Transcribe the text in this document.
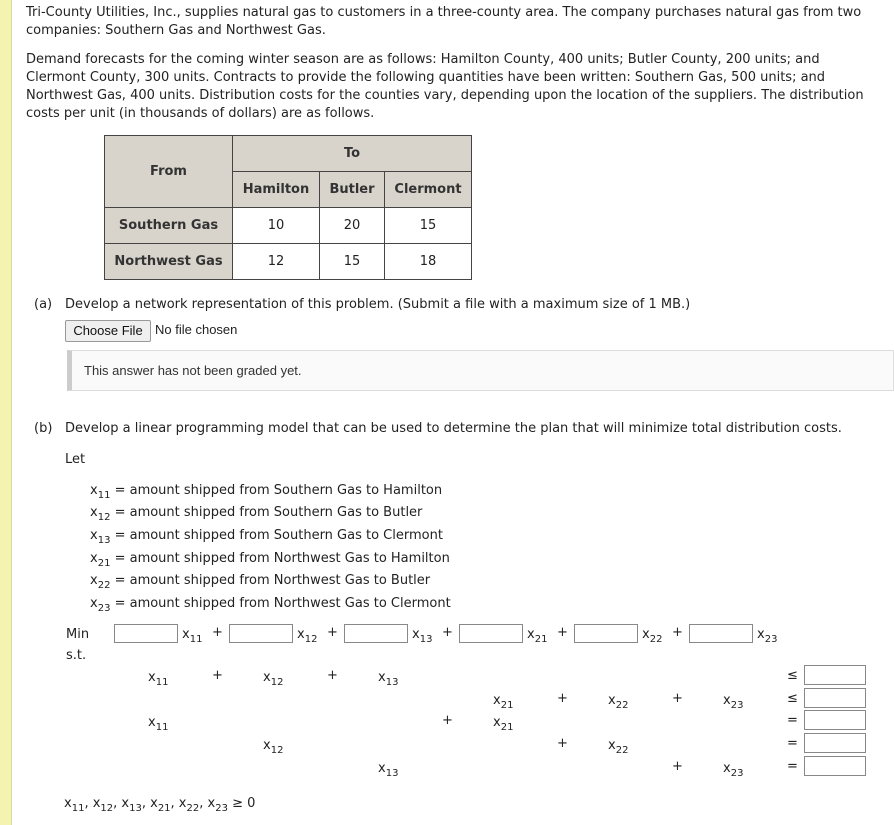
Tri-County Utilities, Inc., supplies natural gas to customers in a three-county area. The company purchases natural gas from two companies: Southern Gas and Northwest Gas.

Demand forecasts for the coming winter season are as follows: Hamilton County, 400 units; Butler County, 200 units; and Clermont County, 300 units. Contracts to provide the following quantities have been written: Southern Gas, 500 units; and Northwest Gas, 400 units. Distribution costs for the counties vary, depending upon the location of the suppliers. The distribution costs per unit (in thousands of dollars) are as follows.

From	To		
	Hamilton	Butler	Clermont
Southern Gas	10	20	15
Northwest Gas	12	15	18
(a) Develop a network representation of this problem. (Submit a file with a maximum size of 1 MB.)
Choose File No file chosen
This answer has not been graded yet.
(b) Develop a linear programming model that can be used to determine the plan that will minimize total distribution costs.
Let
$x_{11}$ = amount shipped from Southern Gas to Hamilton
$x_{12}$ = amount shipped from Southern Gas to Butler
$x_{13}$ = amount shipped from Southern Gas to Clermont
$x_{21}$ = amount shipped from Northwest Gas to Hamilton
$x_{22}$ = amount shipped from Northwest Gas to Butler
$x_{23}$ = amount shipped from Northwest Gas to Clermont
Min
s.t.
$x_{11}$ +	$x_{12}$ +	$x_{13}$ +	$x_{21}$ +	$x_{22}$ +	$x_{23}$
$x_{11}$	+	$x_{12}$	+	$x_{13}$	≤
$x_{21}$	+	$x_{22}$	+	$x_{23}$	≤
$x_{11}$	+	$x_{21}$	=
$x_{12}$	+	$x_{22}$	=
$x_{13}$	+	$x_{23}$	=
$x_{11}$, $x_{12}$, $x_{13}$, $x_{21}$, $x_{22}$, $x_{23} \ge 0$
